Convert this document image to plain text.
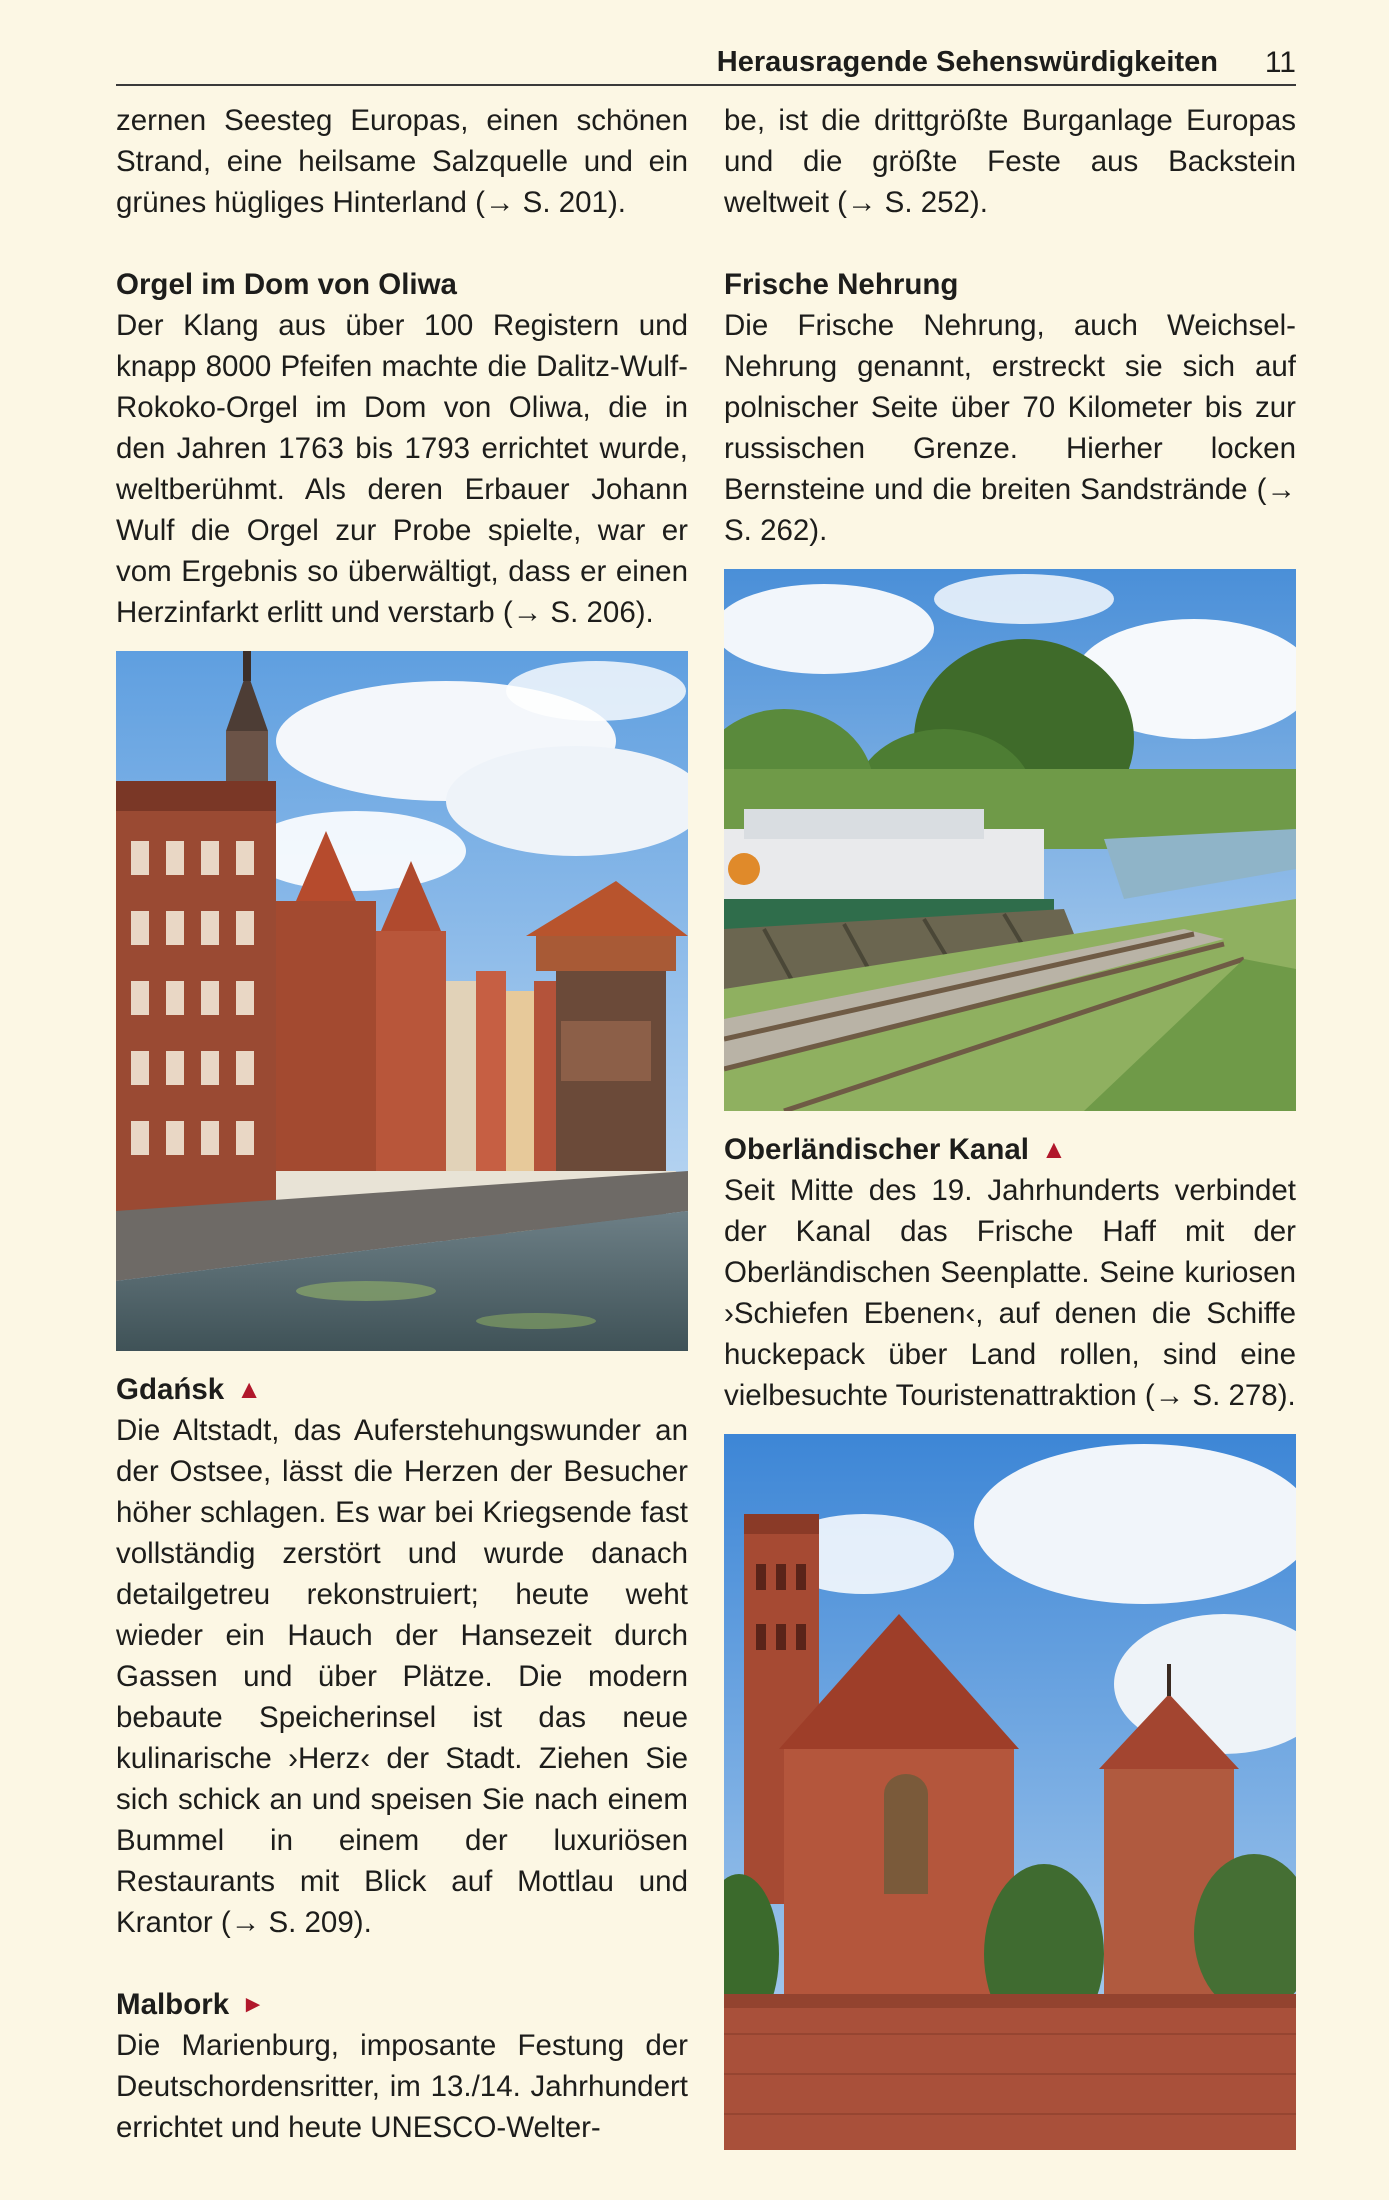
Herausragende Sehenswürdigkeiten 11

zernen Seesteg Europas, einen schönen Strand, eine heilsame Salzquelle und ein grünes hügliges Hinterland (→ S. 201).

Orgel im Dom von Oliwa

Der Klang aus über 100 Registern und knapp 8000 Pfeifen machte die Dalitz-Wulf-Rokoko-Orgel im Dom von Oliwa, die in den Jahren 1763 bis 1793 errichtet wurde, weltberühmt. Als deren Erbauer Johann Wulf die Orgel zur Probe spielte, war er vom Ergebnis so überwältigt, dass er einen Herzinfarkt erlitt und verstarb (→ S. 206).

Gdańsk ▲

Die Altstadt, das Auferstehungswunder an der Ostsee, lässt die Herzen der Besucher höher schlagen. Es war bei Kriegsende fast vollständig zerstört und wurde danach detailgetreu rekonstruiert; heute weht wieder ein Hauch der Hansezeit durch Gassen und über Plätze. Die modern bebaute Speicherinsel ist das neue kulinarische ›Herz‹ der Stadt. Ziehen Sie sich schick an und speisen Sie nach einem Bummel in einem der luxuriösen Restaurants mit Blick auf Mottlau und Krantor (→ S. 209).

Malbork ►

Die Marienburg, imposante Festung der Deutschordensritter, im 13./14. Jahrhundert errichtet und heute UNESCO-Welter-

be, ist die drittgrößte Burganlage Europas und die größte Feste aus Backstein weltweit (→ S. 252).

Frische Nehrung

Die Frische Nehrung, auch Weichsel-Nehrung genannt, erstreckt sie sich auf polnischer Seite über 70 Kilometer bis zur russischen Grenze. Hierher locken Bernsteine und die breiten Sandstrände (→ S. 262).

Oberländischer Kanal ▲

Seit Mitte des 19. Jahrhunderts verbindet der Kanal das Frische Haff mit der Oberländischen Seenplatte. Seine kuriosen ›Schiefen Ebenen‹, auf denen die Schiffe huckepack über Land rollen, sind eine vielbesuchte Touristenattraktion (→ S. 278).
